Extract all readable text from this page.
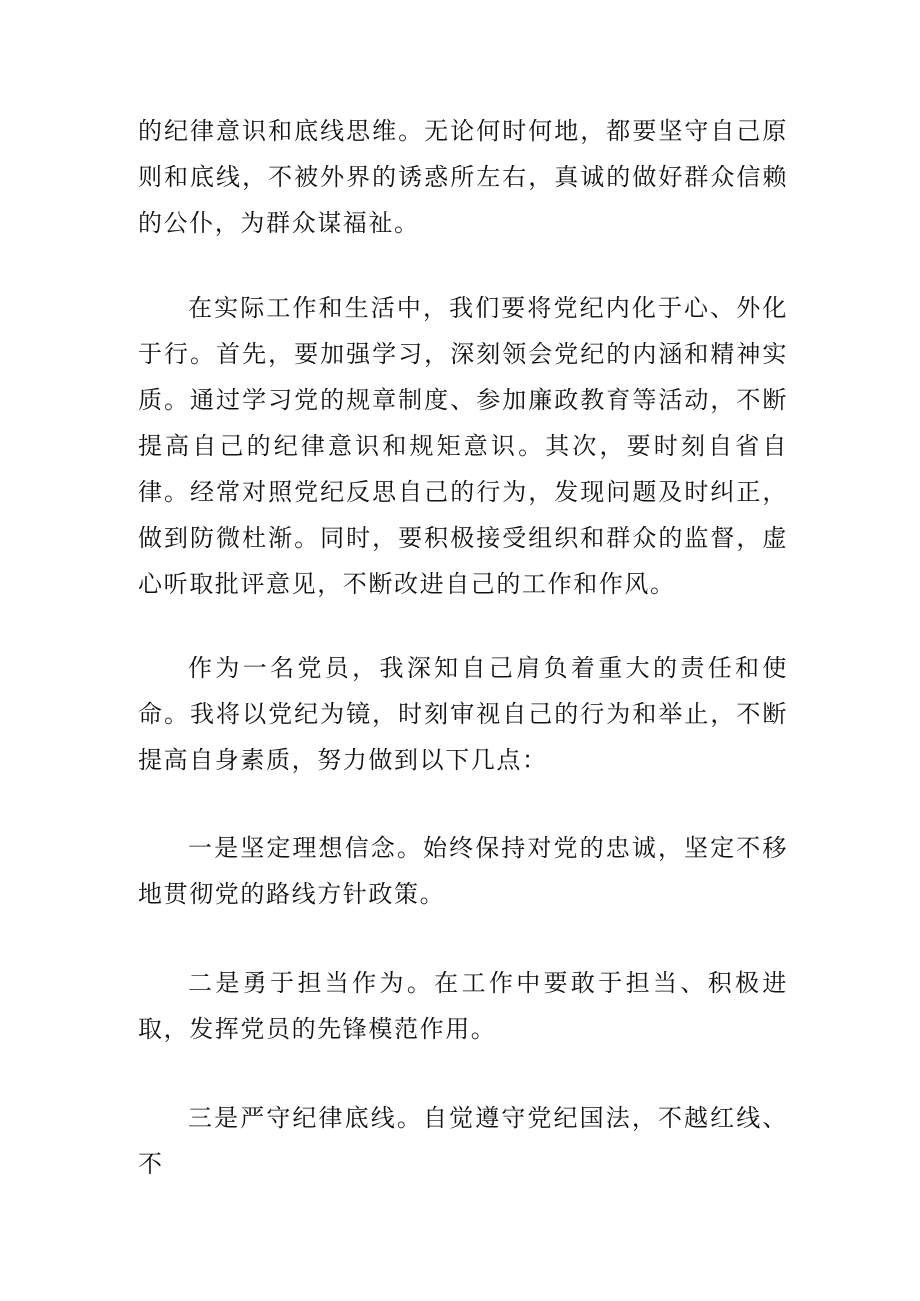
的纪律意识和底线思维。无论何时何地，都要坚守自己原则和底线，不被外界的诱惑所左右，真诚的做好群众信赖的公仆，为群众谋福祉。

在实际工作和生活中，我们要将党纪内化于心、外化于行。首先，要加强学习，深刻领会党纪的内涵和精神实质。通过学习党的规章制度、参加廉政教育等活动，不断提高自己的纪律意识和规矩意识。其次，要时刻自省自律。经常对照党纪反思自己的行为，发现问题及时纠正，做到防微杜渐。同时，要积极接受组织和群众的监督，虚心听取批评意见，不断改进自己的工作和作风。

作为一名党员，我深知自己肩负着重大的责任和使命。我将以党纪为镜，时刻审视自己的行为和举止，不断提高自身素质，努力做到以下几点：

一是坚定理想信念。始终保持对党的忠诚，坚定不移地贯彻党的路线方针政策。

二是勇于担当作为。在工作中要敢于担当、积极进取，发挥党员的先锋模范作用。

三是严守纪律底线。自觉遵守党纪国法，不越红线、不
